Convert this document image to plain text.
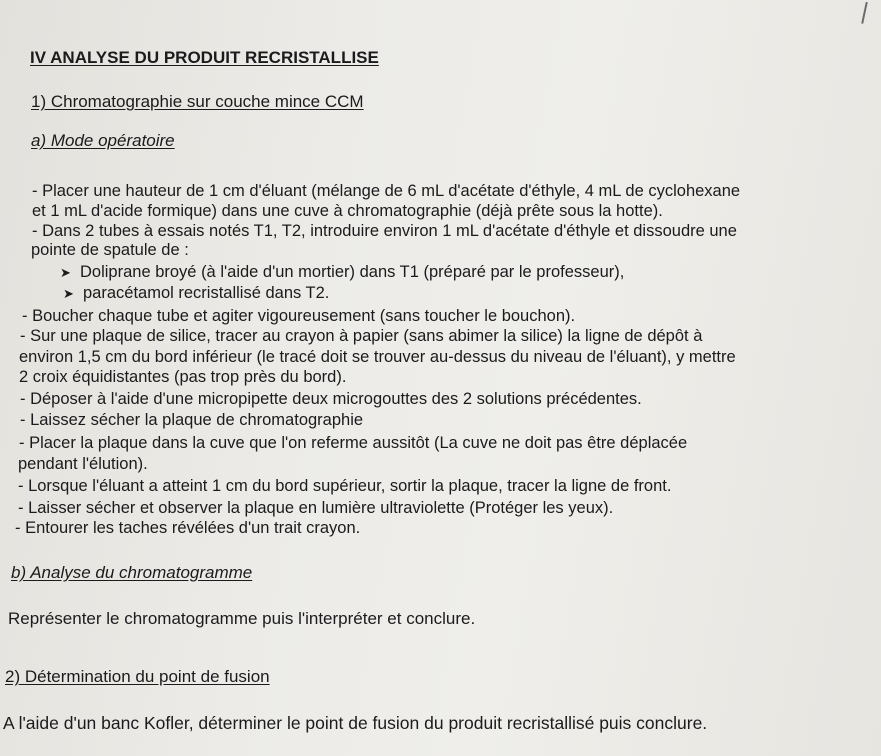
IV ANALYSE DU PRODUIT RECRISTALLISE
1) Chromatographie sur couche mince CCM
a) Mode opératoire
- Placer une hauteur de 1 cm d'éluant (mélange de 6 mL d'acétate d'éthyle, 4 mL de cyclohexane
et 1 mL d'acide formique) dans une cuve à chromatographie (déjà prête sous la hotte).
- Dans 2 tubes à essais notés T1, T2, introduire environ 1 mL d'acétate d'éthyle et dissoudre une
pointe de spatule de :
➤ Doliprane broyé (à l'aide d'un mortier) dans T1 (préparé par le professeur),
➤ paracétamol recristallisé dans T2.
- Boucher chaque tube et agiter vigoureusement (sans toucher le bouchon).
- Sur une plaque de silice, tracer au crayon à papier (sans abimer la silice) la ligne de dépôt à
environ 1,5 cm du bord inférieur (le tracé doit se trouver au-dessus du niveau de l'éluant), y mettre
2 croix équidistantes (pas trop près du bord).
- Déposer à l'aide d'une micropipette deux microgouttes des 2 solutions précédentes.
- Laissez sécher la plaque de chromatographie
- Placer la plaque dans la cuve que l'on referme aussitôt (La cuve ne doit pas être déplacée
pendant l'élution).
- Lorsque l'éluant a atteint 1 cm du bord supérieur, sortir la plaque, tracer la ligne de front.
- Laisser sécher et observer la plaque en lumière ultraviolette (Protéger les yeux).
- Entourer les taches révélées d'un trait crayon.
b) Analyse du chromatogramme
Représenter le chromatogramme puis l'interpréter et conclure.
2) Détermination du point de fusion
A l'aide d'un banc Kofler, déterminer le point de fusion du produit recristallisé puis conclure.
